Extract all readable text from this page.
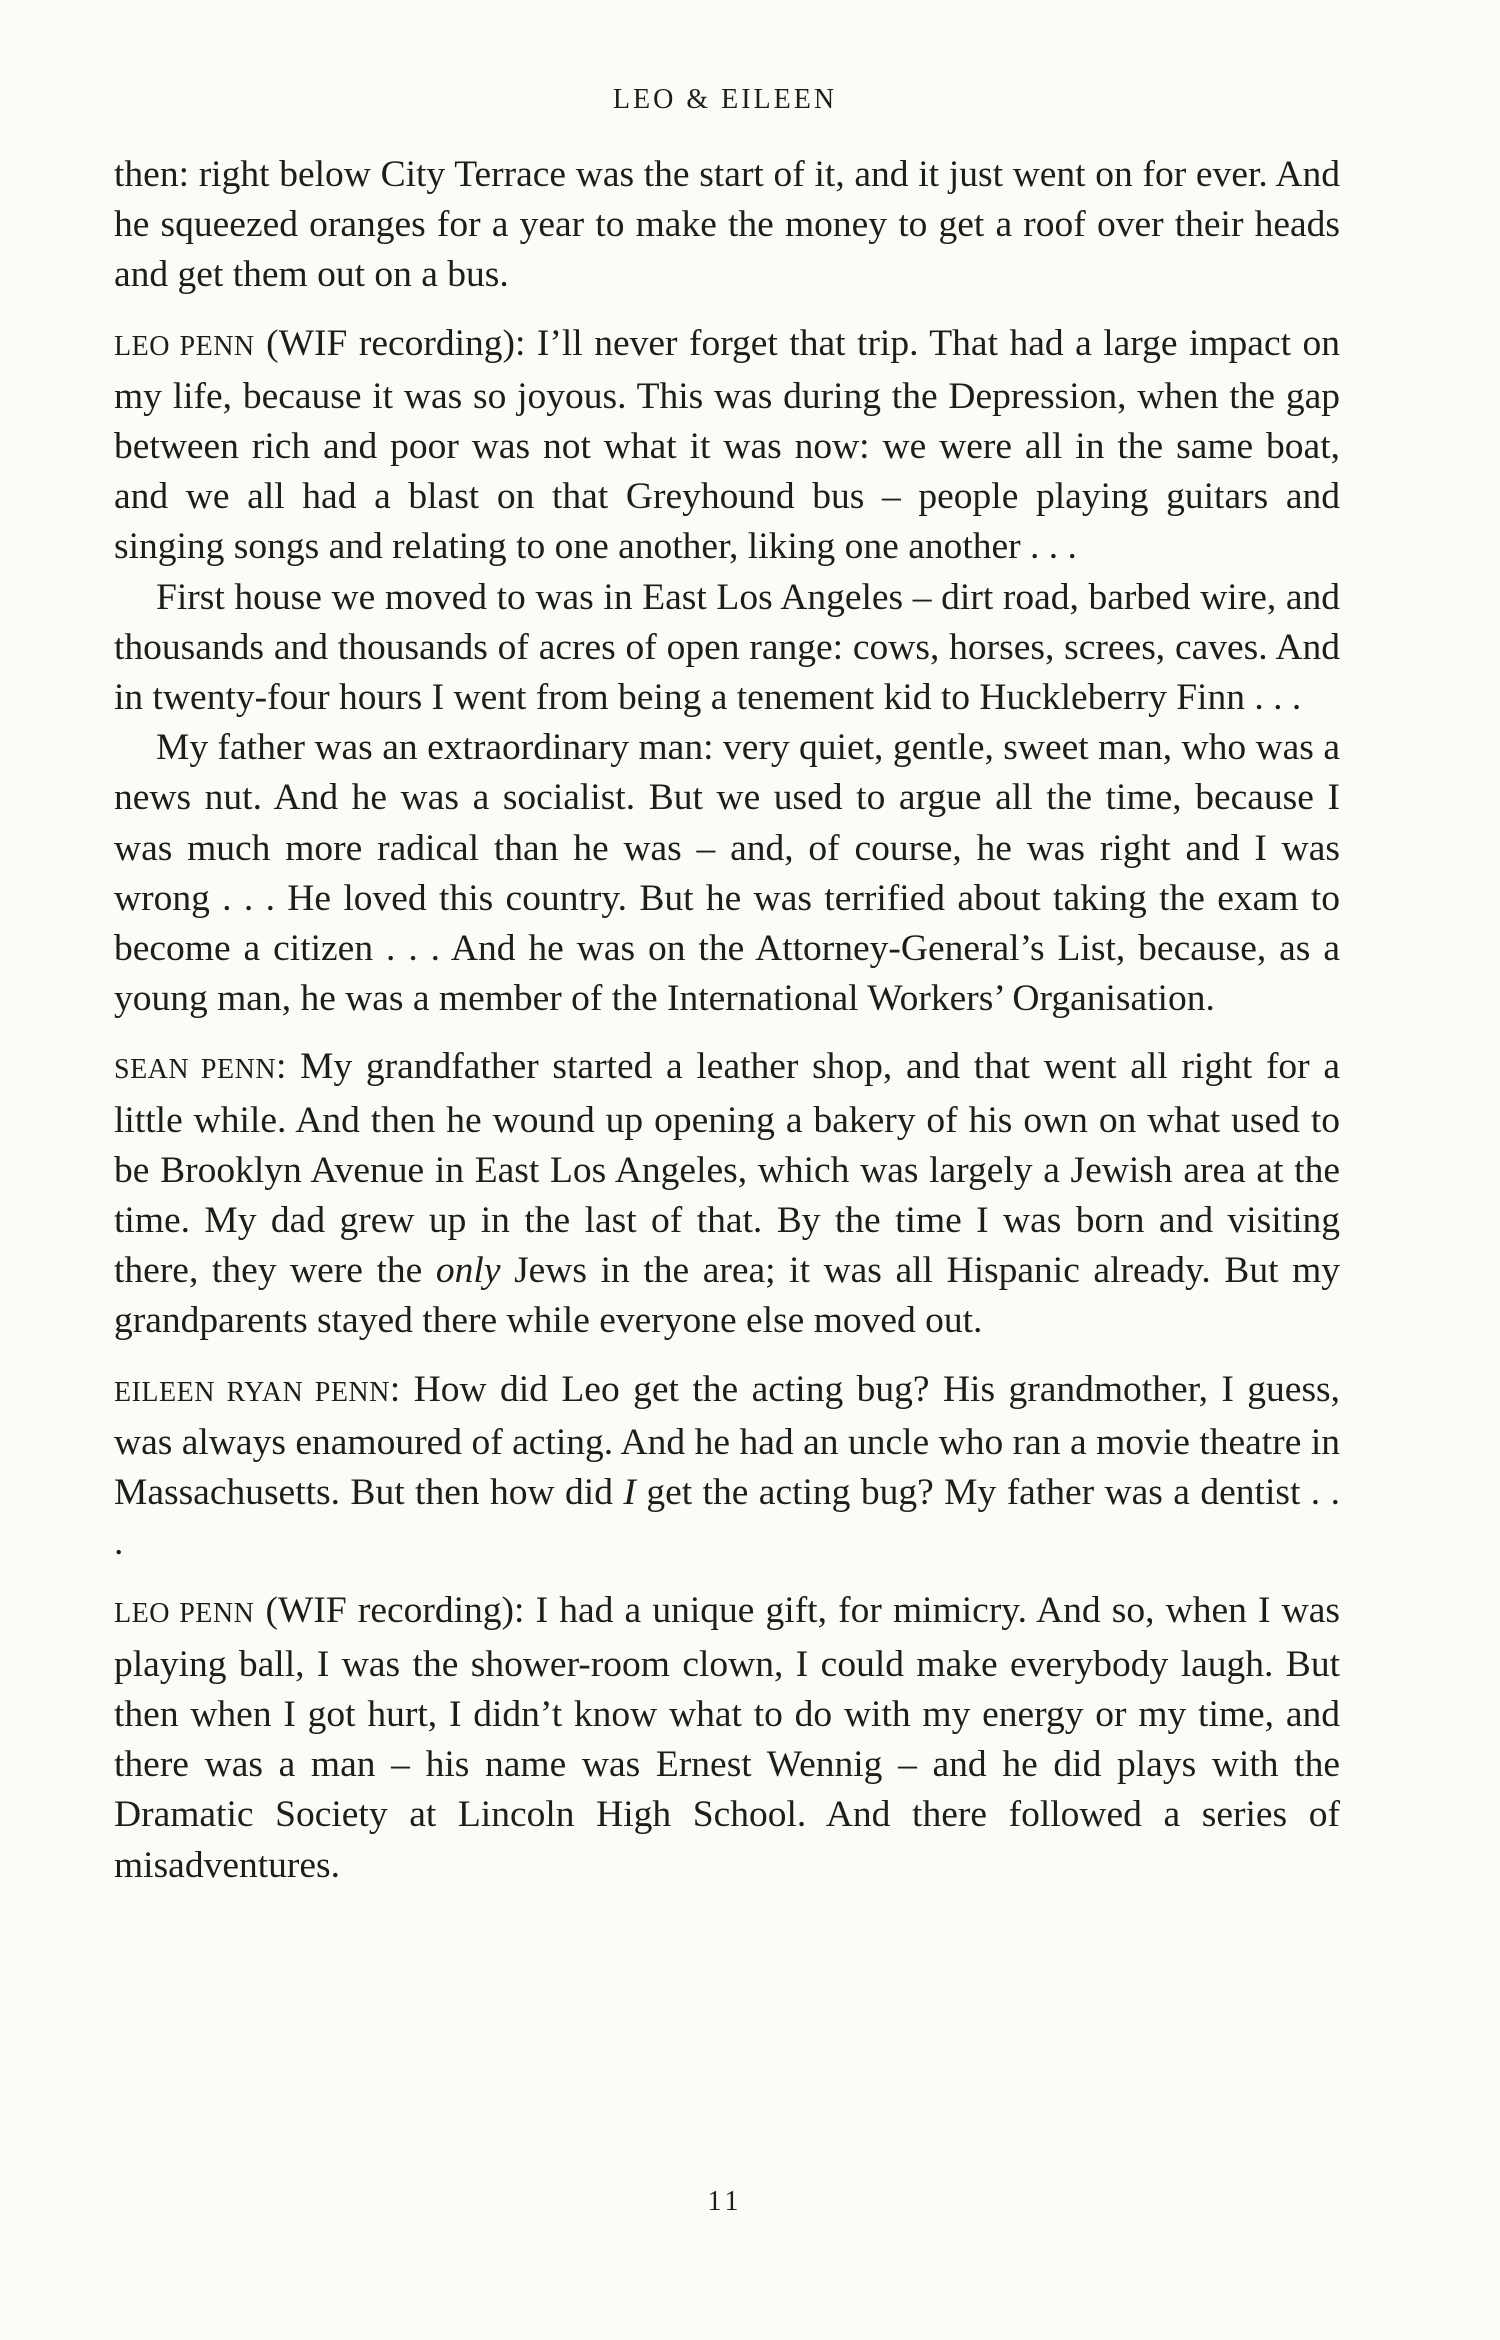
LEO & EILEEN

then: right below City Terrace was the start of it, and it just went on for ever. And he squeezed oranges for a year to make the money to get a roof over their heads and get them out on a bus.

LEO PENN (WIF recording): I’ll never forget that trip. That had a large impact on my life, because it was so joyous. This was during the Depression, when the gap between rich and poor was not what it was now: we were all in the same boat, and we all had a blast on that Greyhound bus – people playing guitars and singing songs and relating to one another, liking one another . . .

First house we moved to was in East Los Angeles – dirt road, barbed wire, and thousands and thousands of acres of open range: cows, horses, screes, caves. And in twenty-four hours I went from being a tenement kid to Huckleberry Finn . . .

My father was an extraordinary man: very quiet, gentle, sweet man, who was a news nut. And he was a socialist. But we used to argue all the time, because I was much more radical than he was – and, of course, he was right and I was wrong . . . He loved this country. But he was terrified about taking the exam to become a citizen . . . And he was on the Attorney-General’s List, because, as a young man, he was a member of the International Workers’ Organisation.

SEAN PENN: My grandfather started a leather shop, and that went all right for a little while. And then he wound up opening a bakery of his own on what used to be Brooklyn Avenue in East Los Angeles, which was largely a Jewish area at the time. My dad grew up in the last of that. By the time I was born and visiting there, they were the only Jews in the area; it was all Hispanic already. But my grandparents stayed there while everyone else moved out.

EILEEN RYAN PENN: How did Leo get the acting bug? His grandmother, I guess, was always enamoured of acting. And he had an uncle who ran a movie theatre in Massachusetts. But then how did I get the acting bug? My father was a dentist . . .

LEO PENN (WIF recording): I had a unique gift, for mimicry. And so, when I was playing ball, I was the shower-room clown, I could make everybody laugh. But then when I got hurt, I didn’t know what to do with my energy or my time, and there was a man – his name was Ernest Wennig – and he did plays with the Dramatic Society at Lincoln High School. And there followed a series of misadventures.

11
